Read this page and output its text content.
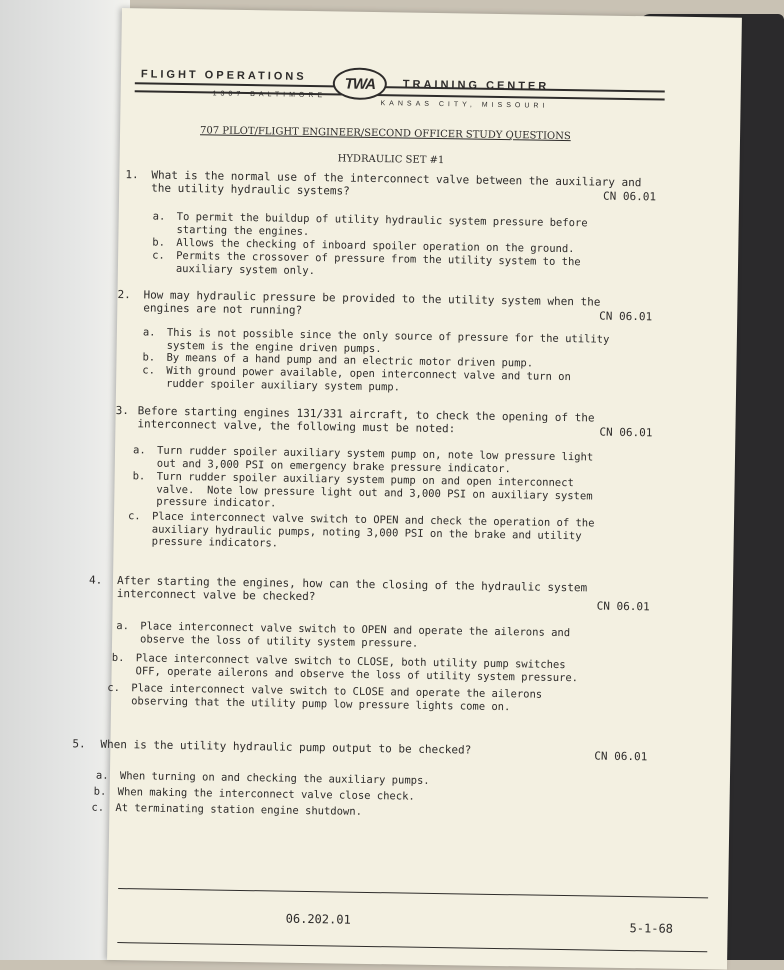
FLIGHT OPERATIONS
TRAINING CENTER
1307 BALTIMORE
KANSAS CITY, MISSOURI
TWA
707 PILOT/FLIGHT ENGINEER/SECOND OFFICER STUDY QUESTIONS
HYDRAULIC SET #1
1. What is the normal use of the interconnect valve between the auxiliary and
the utility hydraulic systems?	CN 06.01
a. To permit the buildup of utility hydraulic system pressure before
starting the engines.
b. Allows the checking of inboard spoiler operation on the ground.
c. Permits the crossover of pressure from the utility system to the
auxiliary system only.
2. How may hydraulic pressure be provided to the utility system when the
engines are not running?	CN 06.01
a. This is not possible since the only source of pressure for the utility
system is the engine driven pumps.
b. By means of a hand pump and an electric motor driven pump.
c. With ground power available, open interconnect valve and turn on
rudder spoiler auxiliary system pump.
3. Before starting engines 131/331 aircraft, to check the opening of the
interconnect valve, the following must be noted:	CN 06.01
a. Turn rudder spoiler auxiliary system pump on, note low pressure light
out and 3,000 PSI on emergency brake pressure indicator.
b. Turn rudder spoiler auxiliary system pump on and open interconnect
valve.  Note low pressure light out and 3,000 PSI on auxiliary system
pressure indicator.
c. Place interconnect valve switch to OPEN and check the operation of the
auxiliary hydraulic pumps, noting 3,000 PSI on the brake and utility
pressure indicators.
4. After starting the engines, how can the closing of the hydraulic system
interconnect valve be checked?
CN 06.01
a. Place interconnect valve switch to OPEN and operate the ailerons and
observe the loss of utility system pressure.
b. Place interconnect valve switch to CLOSE, both utility pump switches
OFF, operate ailerons and observe the loss of utility system pressure.
c. Place interconnect valve switch to CLOSE and operate the ailerons
observing that the utility pump low pressure lights come on.
5. When is the utility hydraulic pump output to be checked?	CN 06.01
a. When turning on and checking the auxiliary pumps.
b. When making the interconnect valve close check.
c. At terminating station engine shutdown.
06.202.01
5-1-68
